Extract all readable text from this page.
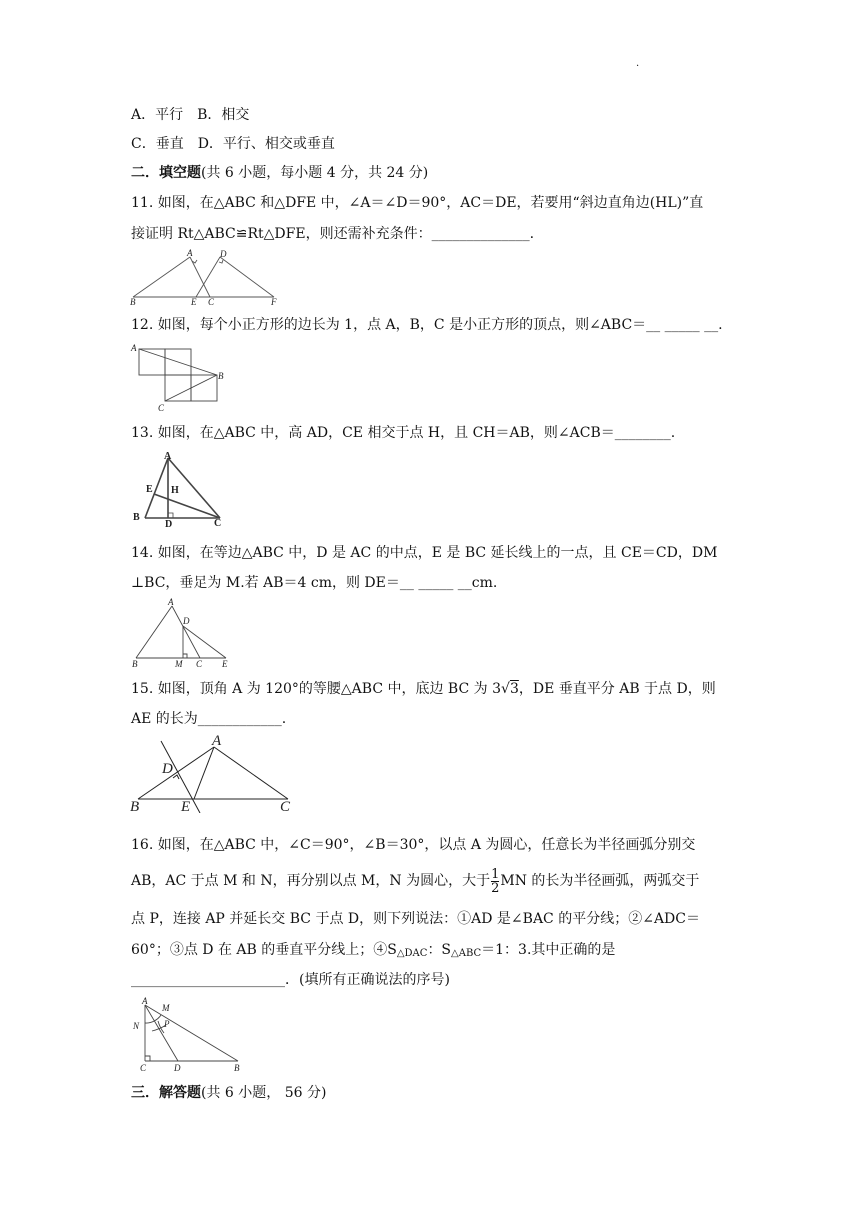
.
A．平行　B．相交
C．垂直　D．平行、相交或垂直
二．填空题(共 6 小题，每小题 4 分，共 24 分)
11. 如图，在△ABC 和△DFE 中，∠A＝∠D＝90°，AC＝DE，若要用“斜边直角边(HL)”直
接证明 Rt△ABC≌Rt△DFE，则还需补充条件：______________.
A	D
B	E C	F
12. 如图，每个小正方形的边长为 1，点 A，B，C 是小正方形的顶点，则∠ABC＝__ _____ __.
A
B
C
13. 如图，在△ABC 中，高 AD，CE 相交于点 H，且 CH＝AB，则∠ACB＝________.
A
E H
B
D	C
14. 如图，在等边△ABC 中，D 是 AC 的中点，E 是 BC 延长线上的一点，且 CE＝CD，DM
⊥BC，垂足为 M.若 AB＝4 cm，则 DE＝__ _____ __cm.
A
D
B	M C E
15. 如图，顶角 A 为 120°的等腰△ABC 中，底边 BC 为 3√3，DE 垂直平分 AB 于点 D，则
AE 的长为____________.
A
D
B	E	C
16. 如图，在△ABC 中，∠C＝90°，∠B＝30°，以点 A 为圆心，任意长为半径画弧分别交
AB，AC 于点 M 和 N，再分别以点 M，N 为圆心，大于 $\frac{1}{2}$ MN 的长为半径画弧，两弧交于
点 P，连接 AP 并延长交 BC 于点 D，则下列说法：①AD 是∠BAC 的平分线；②∠ADC＝
60°；③点 D 在 AB 的垂直平分线上；$④S_{\triangle DAC}$：$S_{\triangle ABC}=1$：3.其中正确的是
______________________．(填所有正确说法的序号)
A
M
N	P
C	D	B
三．解答题(共 6 小题， 56 分)
